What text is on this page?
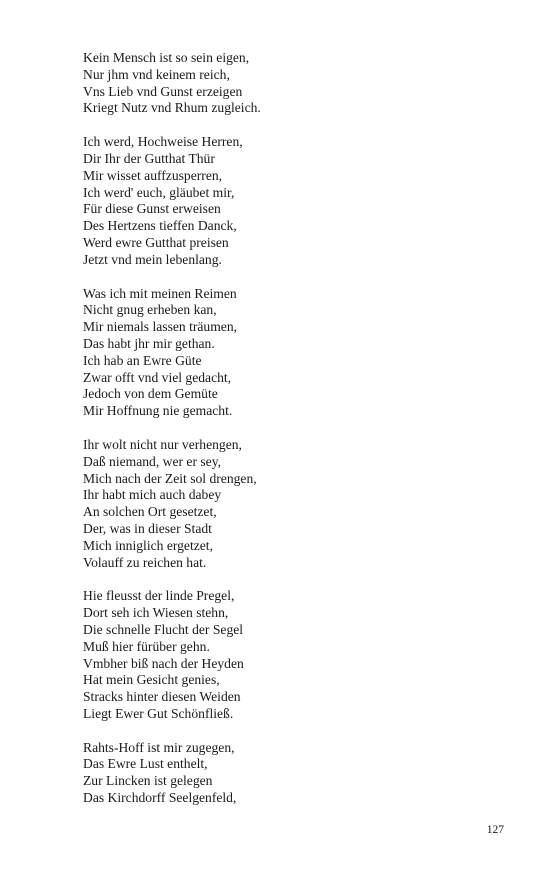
Kein Mensch ist so sein eigen,
Nur jhm vnd keinem reich,
Vns Lieb vnd Gunst erzeigen
Kriegt Nutz vnd Rhum zugleich.
Ich werd, Hochweise Herren,
Dir Ihr der Gutthat Thür
Mir wisset auffzusperren,
Ich werd' euch, gläubet mir,
Für diese Gunst erweisen
Des Hertzens tieffen Danck,
Werd ewre Gutthat preisen
Jetzt vnd mein lebenlang.
Was ich mit meinen Reimen
Nicht gnug erheben kan,
Mir niemals lassen träumen,
Das habt jhr mir gethan.
Ich hab an Ewre Güte
Zwar offt vnd viel gedacht,
Jedoch von dem Gemüte
Mir Hoffnung nie gemacht.
Ihr wolt nicht nur verhengen,
Daß niemand, wer er sey,
Mich nach der Zeit sol drengen,
Ihr habt mich auch dabey
An solchen Ort gesetzet,
Der, was in dieser Stadt
Mich inniglich ergetzet,
Volauff zu reichen hat.
Hie fleusst der linde Pregel,
Dort seh ich Wiesen stehn,
Die schnelle Flucht der Segel
Muß hier fürüber gehn.
Vmbher biß nach der Heyden
Hat mein Gesicht genies,
Stracks hinter diesen Weiden
Liegt Ewer Gut Schönfließ.
Rahts-Hoff ist mir zugegen,
Das Ewre Lust enthelt,
Zur Lincken ist gelegen
Das Kirchdorff Seelgenfeld,
127
